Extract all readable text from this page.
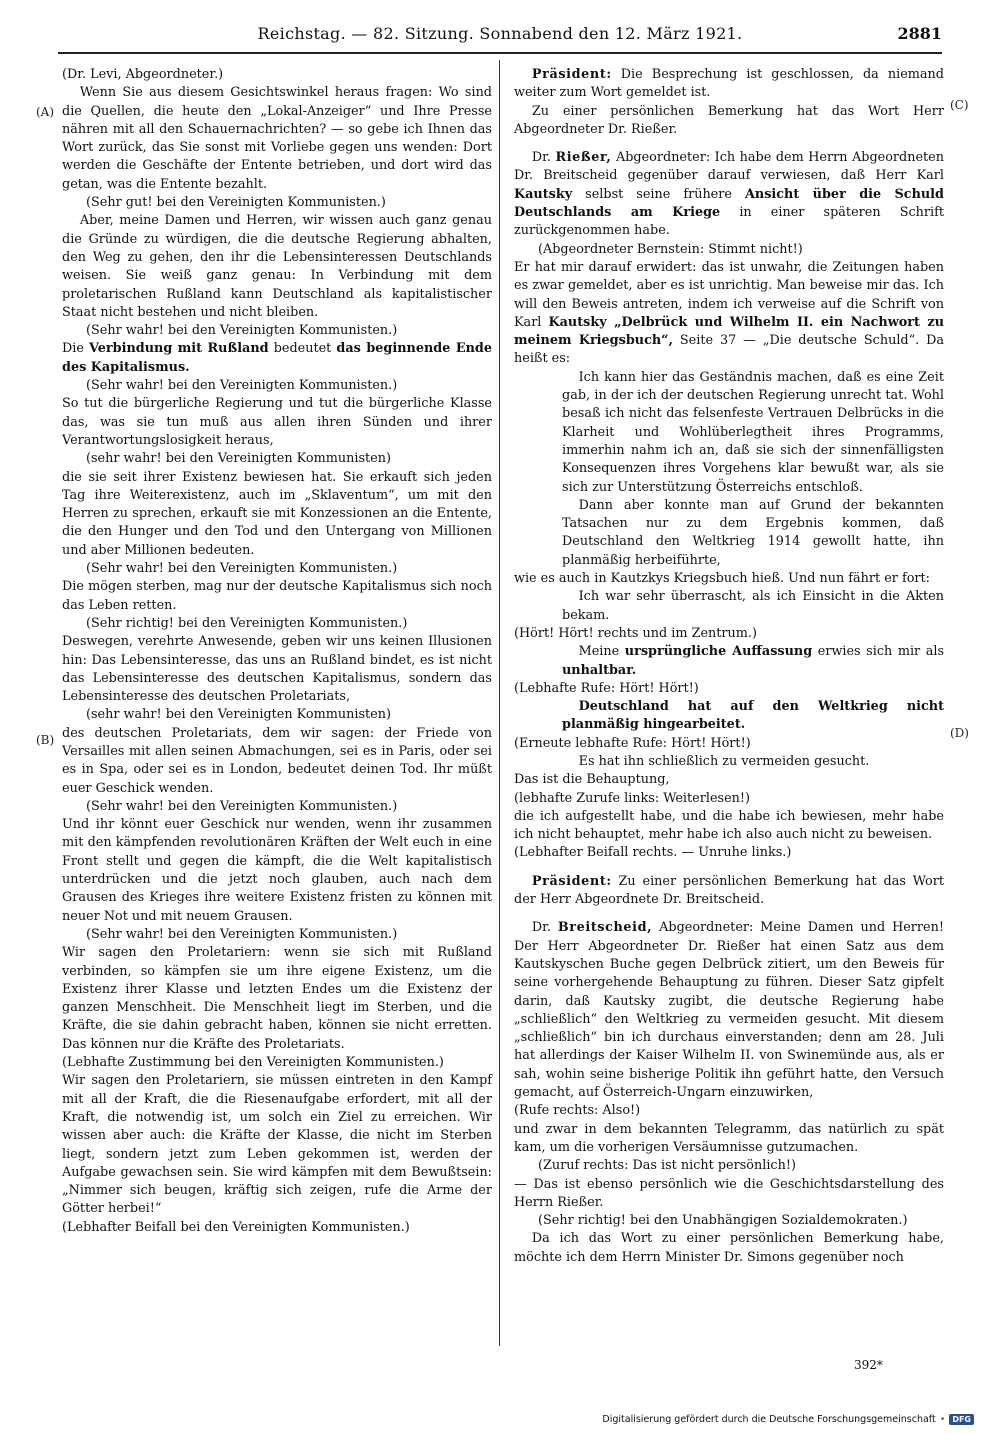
Reichstag. — 82. Sitzung. Sonnabend den 12. März 1921.	2881
(A)
(B)
(C)
(D)

(Dr. Levi, Abgeordneter.)

Wenn Sie aus diesem Gesichtswinkel heraus fragen: Wo sind die Quellen, die heute den „Lokal-Anzeiger“ und Ihre Presse nähren mit all den Schauernachrichten? — so gebe ich Ihnen das Wort zurück, das Sie sonst mit Vorliebe gegen uns wenden: Dort werden die Geschäfte der Entente betrieben, und dort wird das getan, was die Entente bezahlt.

(Sehr gut! bei den Vereinigten Kommunisten.)

Aber, meine Damen und Herren, wir wissen auch ganz genau die Gründe zu würdigen, die die deutsche Regierung abhalten, den Weg zu gehen, den ihr die Lebensinteressen Deutschlands weisen. Sie weiß ganz genau: In Verbindung mit dem proletarischen Rußland kann Deutschland als kapitalistischer Staat nicht bestehen und nicht bleiben.

(Sehr wahr! bei den Vereinigten Kommunisten.)

Die Verbindung mit Rußland bedeutet das beginnende Ende des Kapitalismus.

(Sehr wahr! bei den Vereinigten Kommunisten.)

So tut die bürgerliche Regierung und tut die bürgerliche Klasse das, was sie tun muß aus allen ihren Sünden und ihrer Verantwortungslosigkeit heraus,

(sehr wahr! bei den Vereinigten Kommunisten)

die sie seit ihrer Existenz bewiesen hat. Sie erkauft sich jeden Tag ihre Weiterexistenz, auch im „Sklaventum“, um mit den Herren zu sprechen, erkauft sie mit Konzessionen an die Entente, die den Hunger und den Tod und den Untergang von Millionen und aber Millionen bedeuten.

(Sehr wahr! bei den Vereinigten Kommunisten.)

Die mögen sterben, mag nur der deutsche Kapitalismus sich noch das Leben retten.

(Sehr richtig! bei den Vereinigten Kommunisten.)

Deswegen, verehrte Anwesende, geben wir uns keinen Illusionen hin: Das Lebensinteresse, das uns an Rußland bindet, es ist nicht das Lebensinteresse des deutschen Kapitalismus, sondern das Lebensinteresse des deutschen Proletariats,

(sehr wahr! bei den Vereinigten Kommunisten)

des deutschen Proletariats, dem wir sagen: der Friede von Versailles mit allen seinen Abmachungen, sei es in Paris, oder sei es in Spa, oder sei es in London, bedeutet deinen Tod. Ihr müßt euer Geschick wenden.

(Sehr wahr! bei den Vereinigten Kommunisten.)

Und ihr könnt euer Geschick nur wenden, wenn ihr zusammen mit den kämpfenden revolutionären Kräften der Welt euch in eine Front stellt und gegen die kämpft, die die Welt kapitalistisch unterdrücken und die jetzt noch glauben, auch nach dem Grausen des Krieges ihre weitere Existenz fristen zu können mit neuer Not und mit neuem Grausen.

(Sehr wahr! bei den Vereinigten Kommunisten.)

Wir sagen den Proletariern: wenn sie sich mit Rußland verbinden, so kämpfen sie um ihre eigene Existenz, um die Existenz ihrer Klasse und letzten Endes um die Existenz der ganzen Menschheit. Die Menschheit liegt im Sterben, und die Kräfte, die sie dahin gebracht haben, können sie nicht erretten. Das können nur die Kräfte des Proletariats.

(Lebhafte Zustimmung bei den Vereinigten Kommunisten.)

Wir sagen den Proletariern, sie müssen eintreten in den Kampf mit all der Kraft, die die Riesenaufgabe erfordert, mit all der Kraft, die notwendig ist, um solch ein Ziel zu erreichen. Wir wissen aber auch: die Kräfte der Klasse, die nicht im Sterben liegt, sondern jetzt zum Leben gekommen ist, werden der Aufgabe gewachsen sein. Sie wird kämpfen mit dem Bewußtsein: „Nimmer sich beugen, kräftig sich zeigen, rufe die Arme der Götter herbei!“

(Lebhafter Beifall bei den Vereinigten Kommunisten.)

Präsident: Die Besprechung ist geschlossen, da niemand weiter zum Wort gemeldet ist.

Zu einer persönlichen Bemerkung hat das Wort Herr Abgeordneter Dr. Rießer.

Dr. Rießer, Abgeordneter: Ich habe dem Herrn Abgeordneten Dr. Breitscheid gegenüber darauf verwiesen, daß Herr Karl Kautsky selbst seine frühere Ansicht über die Schuld Deutschlands am Kriege in einer späteren Schrift zurückgenommen habe.

(Abgeordneter Bernstein: Stimmt nicht!)

Er hat mir darauf erwidert: das ist unwahr, die Zeitungen haben es zwar gemeldet, aber es ist unrichtig. Man beweise mir das. Ich will den Beweis antreten, indem ich verweise auf die Schrift von Karl Kautsky „Delbrück und Wilhelm II. ein Nachwort zu meinem Kriegsbuch“, Seite 37 — „Die deutsche Schuld“. Da heißt es:

Ich kann hier das Geständnis machen, daß es eine Zeit gab, in der ich der deutschen Regierung unrecht tat. Wohl besaß ich nicht das felsenfeste Vertrauen Delbrücks in die Klarheit und Wohlüberlegtheit ihres Programms, immerhin nahm ich an, daß sie sich der sinnenfälligsten Konsequenzen ihres Vorgehens klar bewußt war, als sie sich zur Unterstützung Österreichs entschloß.

Dann aber konnte man auf Grund der bekannten Tatsachen nur zu dem Ergebnis kommen, daß Deutschland den Weltkrieg 1914 gewollt hatte, ihn planmäßig herbeiführte,

wie es auch in Kautzkys Kriegsbuch hieß. Und nun fährt er fort:

Ich war sehr überrascht, als ich Einsicht in die Akten bekam.

(Hört! Hört! rechts und im Zentrum.)

Meine ursprüngliche Auffassung erwies sich mir als unhaltbar.

(Lebhafte Rufe: Hört! Hört!)

Deutschland hat auf den Weltkrieg nicht planmäßig hingearbeitet.

(Erneute lebhafte Rufe: Hört! Hört!)

Es hat ihn schließlich zu vermeiden gesucht.

Das ist die Behauptung,

(lebhafte Zurufe links: Weiterlesen!)

die ich aufgestellt habe, und die habe ich bewiesen, mehr habe ich nicht behauptet, mehr habe ich also auch nicht zu beweisen.

(Lebhafter Beifall rechts. — Unruhe links.)

Präsident: Zu einer persönlichen Bemerkung hat das Wort der Herr Abgeordnete Dr. Breitscheid.

Dr. Breitscheid, Abgeordneter: Meine Damen und Herren! Der Herr Abgeordneter Dr. Rießer hat einen Satz aus dem Kautskyschen Buche gegen Delbrück zitiert, um den Beweis für seine vorhergehende Behauptung zu führen. Dieser Satz gipfelt darin, daß Kautsky zugibt, die deutsche Regierung habe „schließlich“ den Weltkrieg zu vermeiden gesucht. Mit diesem „schließlich“ bin ich durchaus einverstanden; denn am 28. Juli hat allerdings der Kaiser Wilhelm II. von Swinemünde aus, als er sah, wohin seine bisherige Politik ihn geführt hatte, den Versuch gemacht, auf Österreich-Ungarn einzuwirken,

(Rufe rechts: Also!)

und zwar in dem bekannten Telegramm, das natürlich zu spät kam, um die vorherigen Versäumnisse gutzumachen.

(Zuruf rechts: Das ist nicht persönlich!)

— Das ist ebenso persönlich wie die Geschichtsdarstellung des Herrn Rießer.

(Sehr richtig! bei den Unabhängigen Sozialdemokraten.)

Da ich das Wort zu einer persönlichen Bemerkung habe, möchte ich dem Herrn Minister Dr. Simons gegenüber noch

392*
Digitalisierung gefördert durch die Deutsche Forschungsgemeinschaft • DFG
